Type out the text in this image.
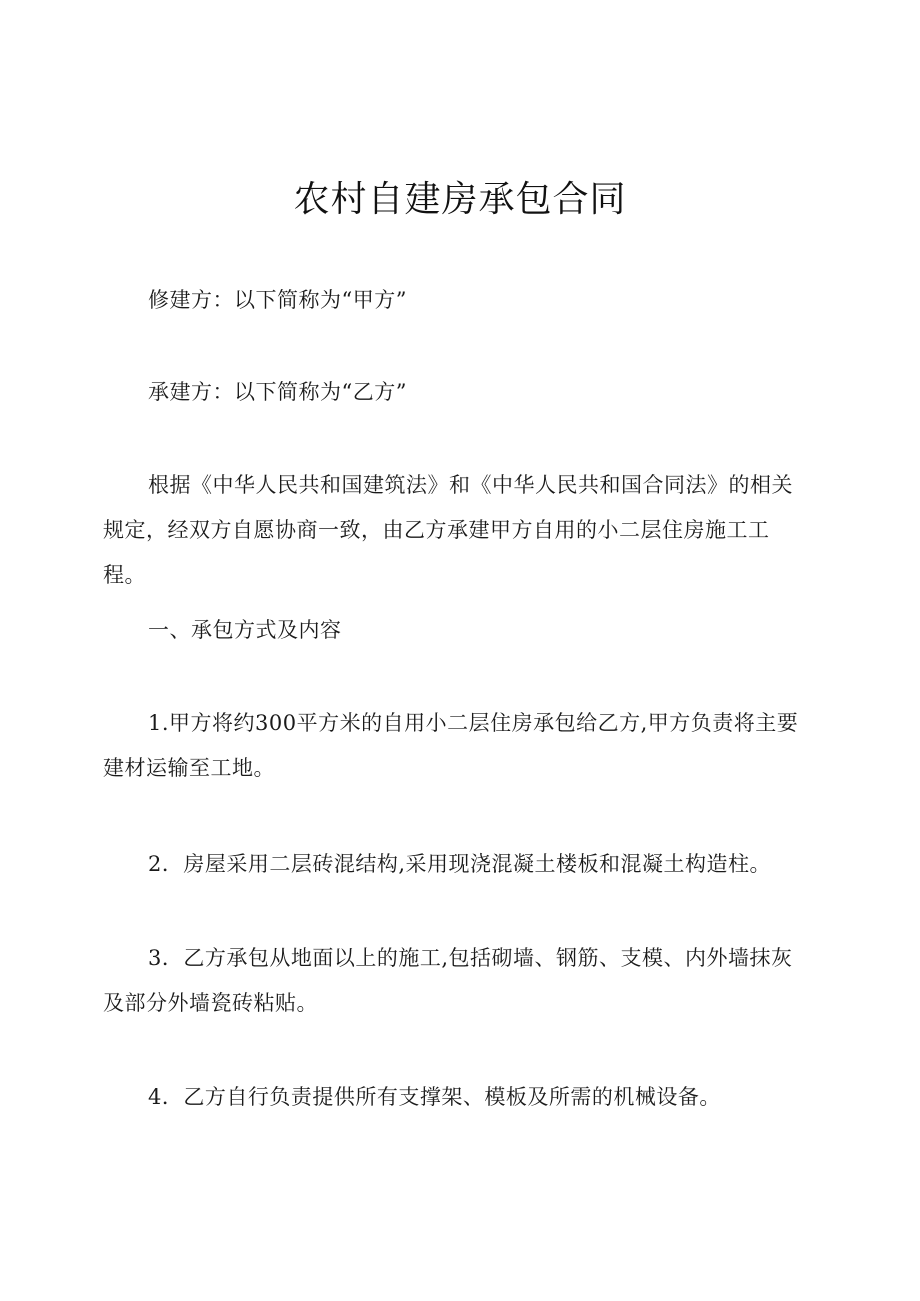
农村自建房承包合同

修建方：以下简称为“甲方”

承建方：以下简称为“乙方”

根据《中华人民共和国建筑法》和《中华人民共和国合同法》的相关规定，经双方自愿协商一致，由乙方承建甲方自用的小二层住房施工工程。

一、承包方式及内容

1.甲方将约300平方米的自用小二层住房承包给乙方,甲方负责将主要建材运输至工地。

2．房屋采用二层砖混结构,采用现浇混凝土楼板和混凝土构造柱。

3．乙方承包从地面以上的施工,包括砌墙、钢筋、支模、内外墙抹灰及部分外墙瓷砖粘贴。

4．乙方自行负责提供所有支撑架、模板及所需的机械设备。
